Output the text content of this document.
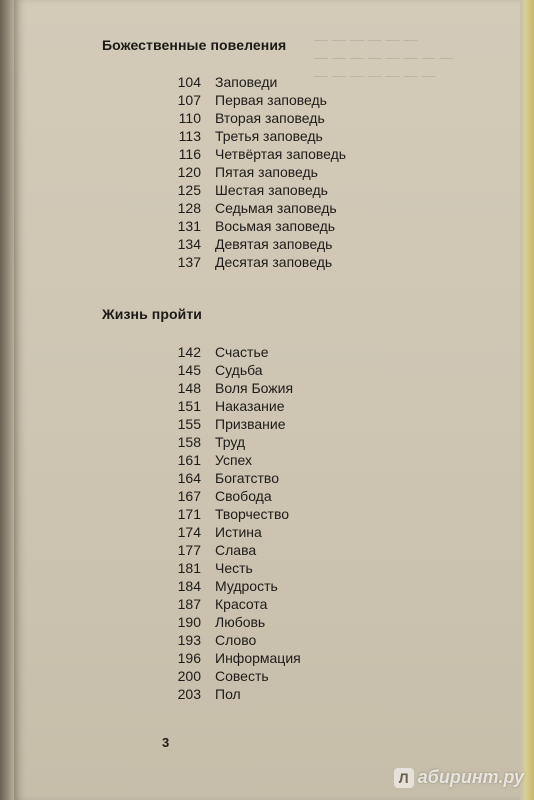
— — — — — —
— — — — — — — —
— — — — — — —
Божественные повеления
104 Заповеди
107 Первая заповедь
110 Вторая заповедь
113 Третья заповедь
116 Четвёртая заповедь
120 Пятая заповедь
125 Шестая заповедь
128 Седьмая заповедь
131 Восьмая заповедь
134 Девятая заповедь
137 Десятая заповедь
Жизнь пройти
142 Счастье
145 Судьба
148 Воля Божия
151 Наказание
155 Призвание
158 Труд
161 Успех
164 Богатство
167 Свобода
171 Творчество
174 Истина
177 Слава
181 Честь
184 Мудрость
187 Красота
190 Любовь
193 Слово
196 Информация
200 Совесть
203 Пол
3
Л абиринт.ру
